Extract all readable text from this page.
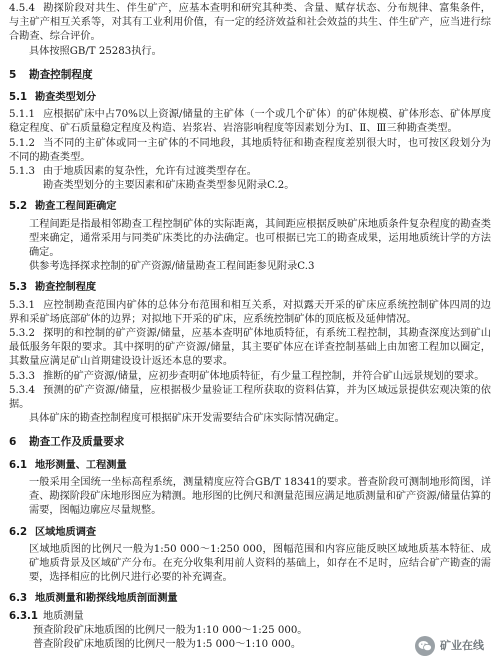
4.5.4 勘探阶段对共生、伴生矿产，应基本查明和研究其种类、含量、赋存状态、分布规律、富集条件，与主矿产相互关系等，对其有工业利用价值，有一定的经济效益和社会效益的共生、伴生矿产，应当进行综合勘查、综合评价。

具体按照GB/T 25283执行。

5 勘查控制程度

5.1 勘查类型划分

5.1.1 应根据矿床中占70%以上资源/储量的主矿体（一个或几个矿体）的矿体规模、矿体形态、矿体厚度稳定程度、矿石质量稳定程度及构造、岩浆岩、岩溶影响程度等因素划分为Ⅰ、Ⅱ、Ⅲ三种勘查类型。

5.1.2 当不同的主矿体或同一主矿体的不同地段，其地质特征和勘查程度差别很大时，也可按区段划分为不同的勘查类型。

5.1.3 由于地质因素的复杂性，允许有过渡类型存在。

勘查类型划分的主要因素和矿床勘查类型参见附录C.2。

5.2 勘查工程间距确定

工程间距是指最相邻勘查工程控制矿体的实际距离，其间距应根据反映矿床地质条件复杂程度的勘查类型来确定，通常采用与同类矿床类比的办法确定。也可根据已完工的勘查成果，运用地质统计学的方法确定。

供参考选择探求控制的矿产资源/储量勘查工程间距参见附录C.3

5.3 勘查控制程度

5.3.1 应控制勘查范围内矿体的总体分布范围和相互关系，对拟露天开采的矿床应系统控制矿体四周的边界和采矿场底部矿体的边界；对拟地下开采的矿床，应系统控制矿体的顶底板及延伸情况。

5.3.2 探明的和控制的矿产资源/储量，应基本查明矿体地质特征，有系统工程控制，其勘查深度达到矿山最低服务年限的要求。其中探明的矿产资源/储量，其主要矿体应在详查控制基础上由加密工程加以圈定，其数量应满足矿山首期建设设计返还本息的要求。

5.3.3 推断的矿产资源/储量，应初步查明矿体地质特征，有少量工程控制，并符合矿山远景规划的要求。

5.3.4 预测的矿产资源/储量，应根据极少量验证工程所获取的资料估算，并为区域远景提供宏观决策的依据。

具体矿床的勘查控制程度可根据矿床开发需要结合矿床实际情况确定。

6 勘查工作及质量要求

6.1 地形测量、工程测量

一般采用全国统一坐标高程系统，测量精度应符合GB/T 18341的要求。普查阶段可测制地形简图，详查、勘探阶段矿床地形图应为精测。地形图的比例尺和测量范围应满足地质测量和矿产资源/储量估算的需要，图幅边廓应尽量规整。

6.2 区域地质调查

区域地质图的比例尺一般为1:50 000～1:250 000，图幅范围和内容应能反映区域地质基本特征、成矿地质背景及区域矿产分布。在充分收集利用前人资料的基础上，如存在不足时，应结合矿产勘查的需要，选择相应的比例尺进行必要的补充调查。

6.3 地质测量和勘探线地质剖面测量

6.3.1 地质测量

预查阶段矿床地质图的比例尺一般为1:10 000～1:25 000。

普查阶段矿床地质图的比例尺一般为1:5 000～1:10 000。	矿业在线
